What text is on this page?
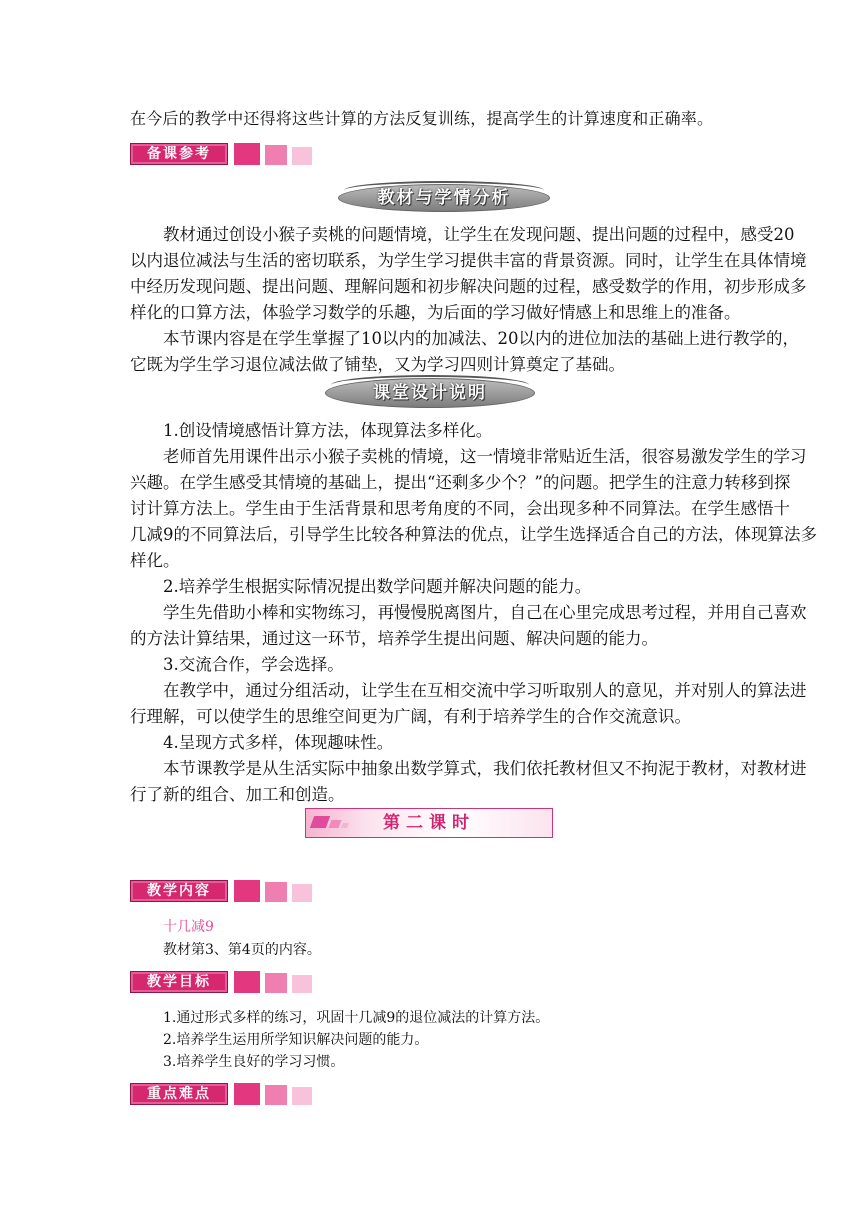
在今后的教学中还得将这些计算的方法反复训练，提高学生的计算速度和正确率。
备课参考
教材与学情分析
教材通过创设小猴子卖桃的问题情境，让学生在发现问题、提出问题的过程中，感受20
以内退位减法与生活的密切联系，为学生学习提供丰富的背景资源。同时，让学生在具体情境
中经历发现问题、提出问题、理解问题和初步解决问题的过程，感受数学的作用，初步形成多
样化的口算方法，体验学习数学的乐趣，为后面的学习做好情感上和思维上的准备。
本节课内容是在学生掌握了10以内的加减法、20以内的进位加法的基础上进行教学的，
它既为学生学习退位减法做了铺垫，又为学习四则计算奠定了基础。
课堂设计说明
1.创设情境感悟计算方法，体现算法多样化。
老师首先用课件出示小猴子卖桃的情境，这一情境非常贴近生活，很容易激发学生的学习
兴趣。在学生感受其情境的基础上，提出“还剩多少个？”的问题。把学生的注意力转移到探
讨计算方法上。学生由于生活背景和思考角度的不同，会出现多种不同算法。在学生感悟十
几减9的不同算法后，引导学生比较各种算法的优点，让学生选择适合自己的方法，体现算法多
样化。
2.培养学生根据实际情况提出数学问题并解决问题的能力。
学生先借助小棒和实物练习，再慢慢脱离图片，自己在心里完成思考过程，并用自己喜欢
的方法计算结果，通过这一环节，培养学生提出问题、解决问题的能力。
3.交流合作，学会选择。
在教学中，通过分组活动，让学生在互相交流中学习听取别人的意见，并对别人的算法进
行理解，可以使学生的思维空间更为广阔，有利于培养学生的合作交流意识。
4.呈现方式多样，体现趣味性。
本节课教学是从生活实际中抽象出数学算式，我们依托教材但又不拘泥于教材，对教材进
行了新的组合、加工和创造。
第二课时
教学内容
十几减9
教材第3、第4页的内容。
教学目标
1.通过形式多样的练习，巩固十几减9的退位减法的计算方法。
2.培养学生运用所学知识解决问题的能力。
3.培养学生良好的学习习惯。
重点难点
